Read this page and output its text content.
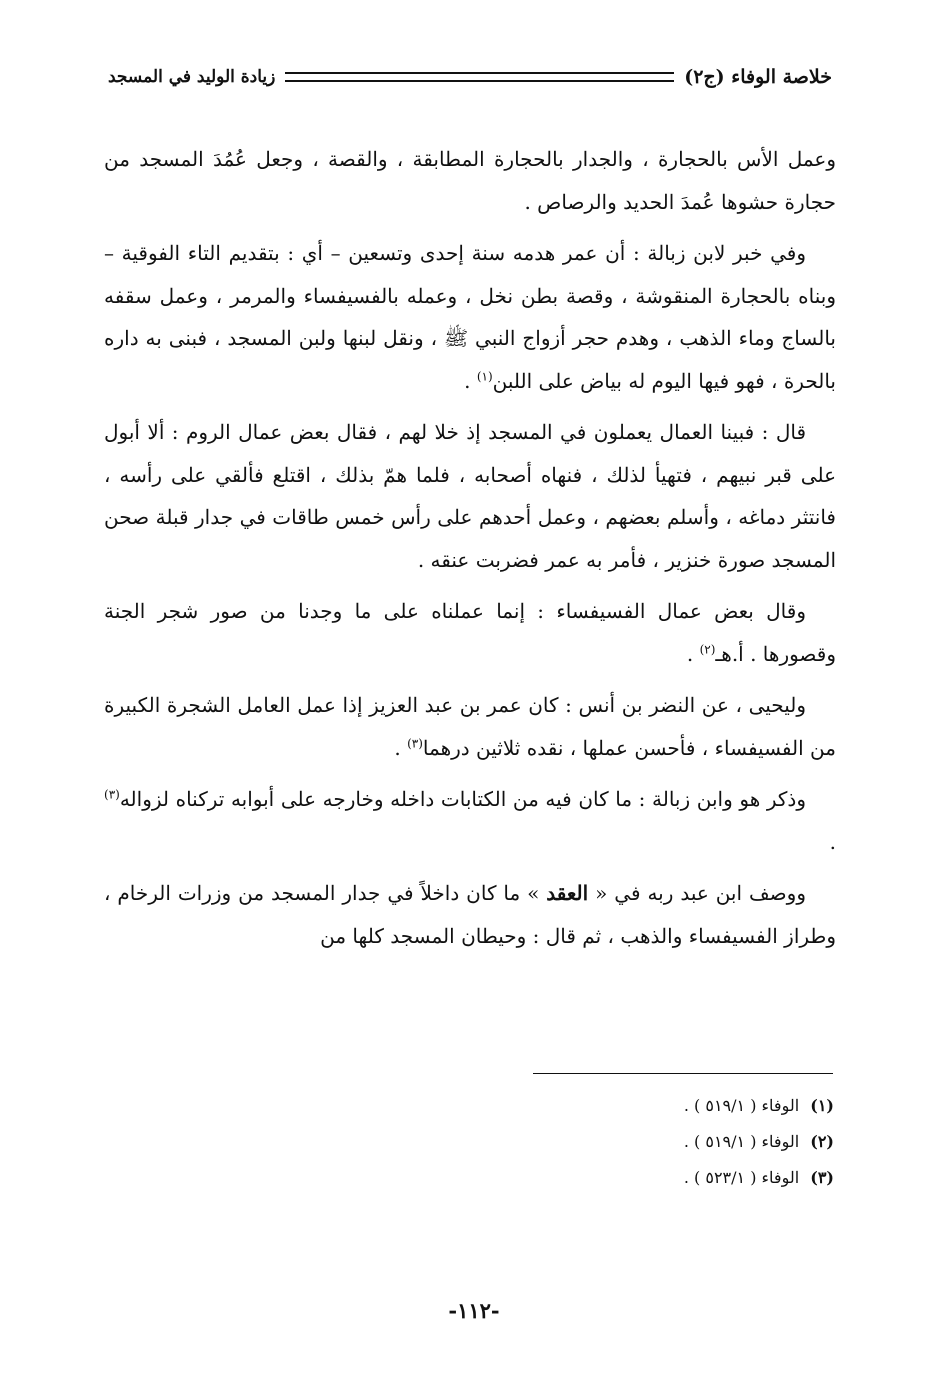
خلاصة الوفاء (ج٢)
زيادة الوليد في المسجد

وعمل الأس بالحجارة ، والجدار بالحجارة المطابقة ، والقصة ، وجعل عُمُدَ المسجد من حجارة حشوها عُمدَ الحديد والرصاص .

وفي خبر لابن زبالة : أن عمر هدمه سنة إحدى وتسعين – أي : بتقديم التاء الفوقية – وبناه بالحجارة المنقوشة ، وقصة بطن نخل ، وعمله بالفسيفساء والمرمر ، وعمل سقفه بالساج وماء الذهب ، وهدم حجر أزواج النبي ﷺ ، ونقل لبنها ولبن المسجد ، فبنى به داره بالحرة ، فهو فيها اليوم له بياض على اللبن$^{(١)}$ .

قال : فبينا العمال يعملون في المسجد إذ خلا لهم ، فقال بعض عمال الروم : ألا أبول على قبر نبيهم ، فتهيأ لذلك ، فنهاه أصحابه ، فلما همّ بذلك ، اقتلع فألقي على رأسه ، فانتثر دماغه ، وأسلم بعضهم ، وعمل أحدهم على رأس خمس طاقات في جدار قبلة صحن المسجد صورة خنزير ، فأمر به عمر فضربت عنقه .

وقال بعض عمال الفسيفساء : إنما عملناه على ما وجدنا من صور شجر الجنة وقصورها . أ.هـ$^{(٢)}$ .

وليحيى ، عن النضر بن أنس : كان عمر بن عبد العزيز إذا عمل العامل الشجرة الكبيرة من الفسيفساء ، فأحسن عملها ، نقده ثلاثين درهما$^{(٣)}$ .

وذكر هو وابن زبالة : ما كان فيه من الكتابات داخله وخارجه على أبوابه تركناه لزواله$^{(٣)}$ .

ووصف ابن عبد ربه في « العقد » ما كان داخلاً في جدار المسجد من وزرات الرخام ، وطراز الفسيفساء والذهب ، ثم قال : وحيطان المسجد كلها من

(١) الوفاء ( ٥١٩/١ ) .
(٢) الوفاء ( ٥١٩/١ ) .
(٣) الوفاء ( ٥٢٣/١ ) .
-١١٢-
